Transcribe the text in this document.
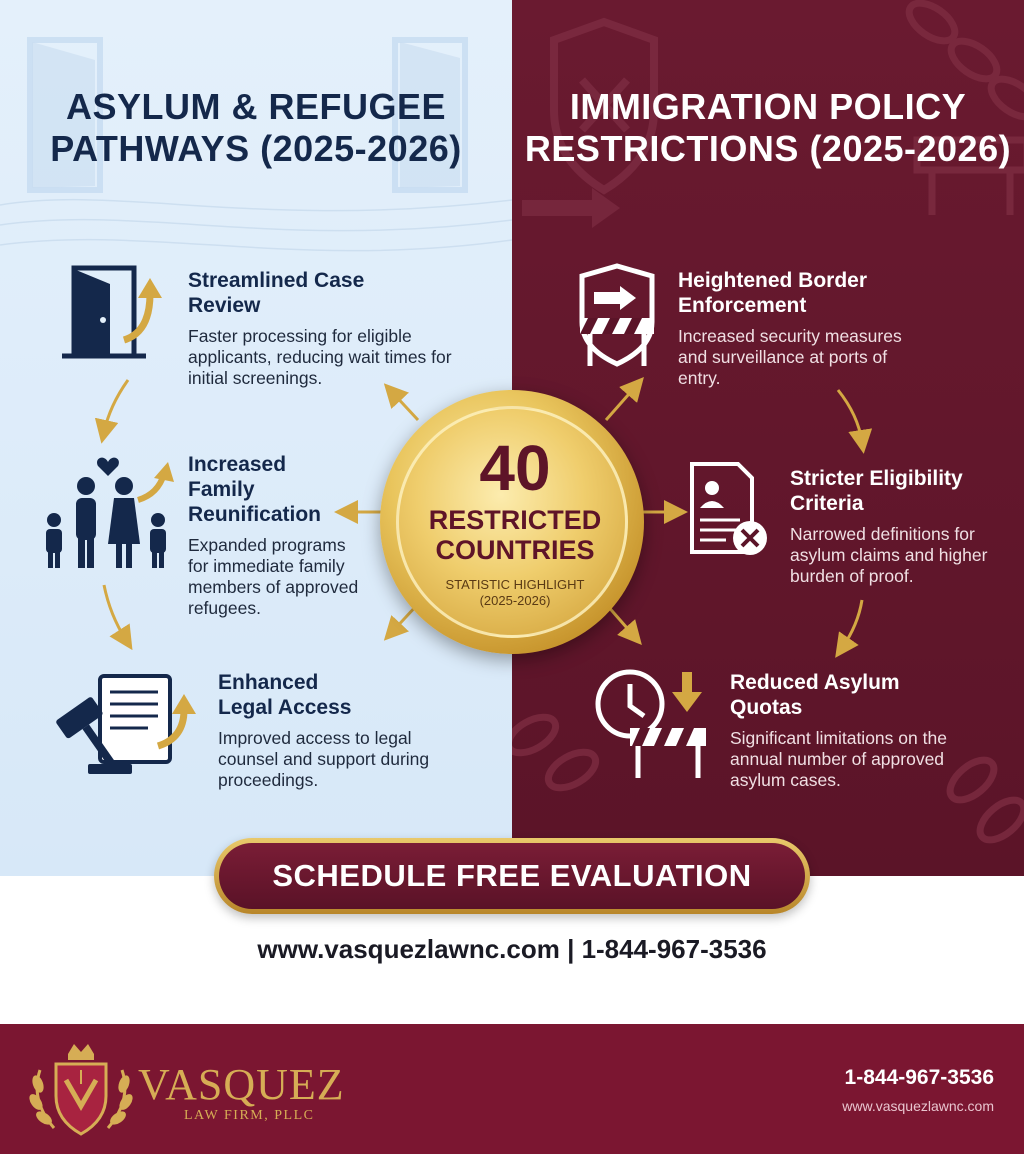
ASYLUM & REFUGEE PATHWAYS (2025-2026)
IMMIGRATION POLICY RESTRICTIONS (2025-2026)
Streamlined Case Review
Faster processing for eligible applicants, reducing wait times for initial screenings.
Increased Family Reunification
Expanded programs for immediate family members of approved refugees.
Enhanced Legal Access
Improved access to legal counsel and support during proceedings.
Heightened Border Enforcement
Increased security measures and surveillance at ports of entry.
Stricter Eligibility Criteria
Narrowed definitions for asylum claims and higher burden of proof.
Reduced Asylum Quotas
Significant limitations on the annual number of approved asylum cases.
40
RESTRICTED COUNTRIES
STATISTIC HIGHLIGHT (2025-2026)
SCHEDULE FREE EVALUATION
www.vasquezlawnc.com | 1-844-967-3536
VASQUEZ
LAW FIRM, PLLC
1-844-967-3536
www.vasquezlawnc.com
